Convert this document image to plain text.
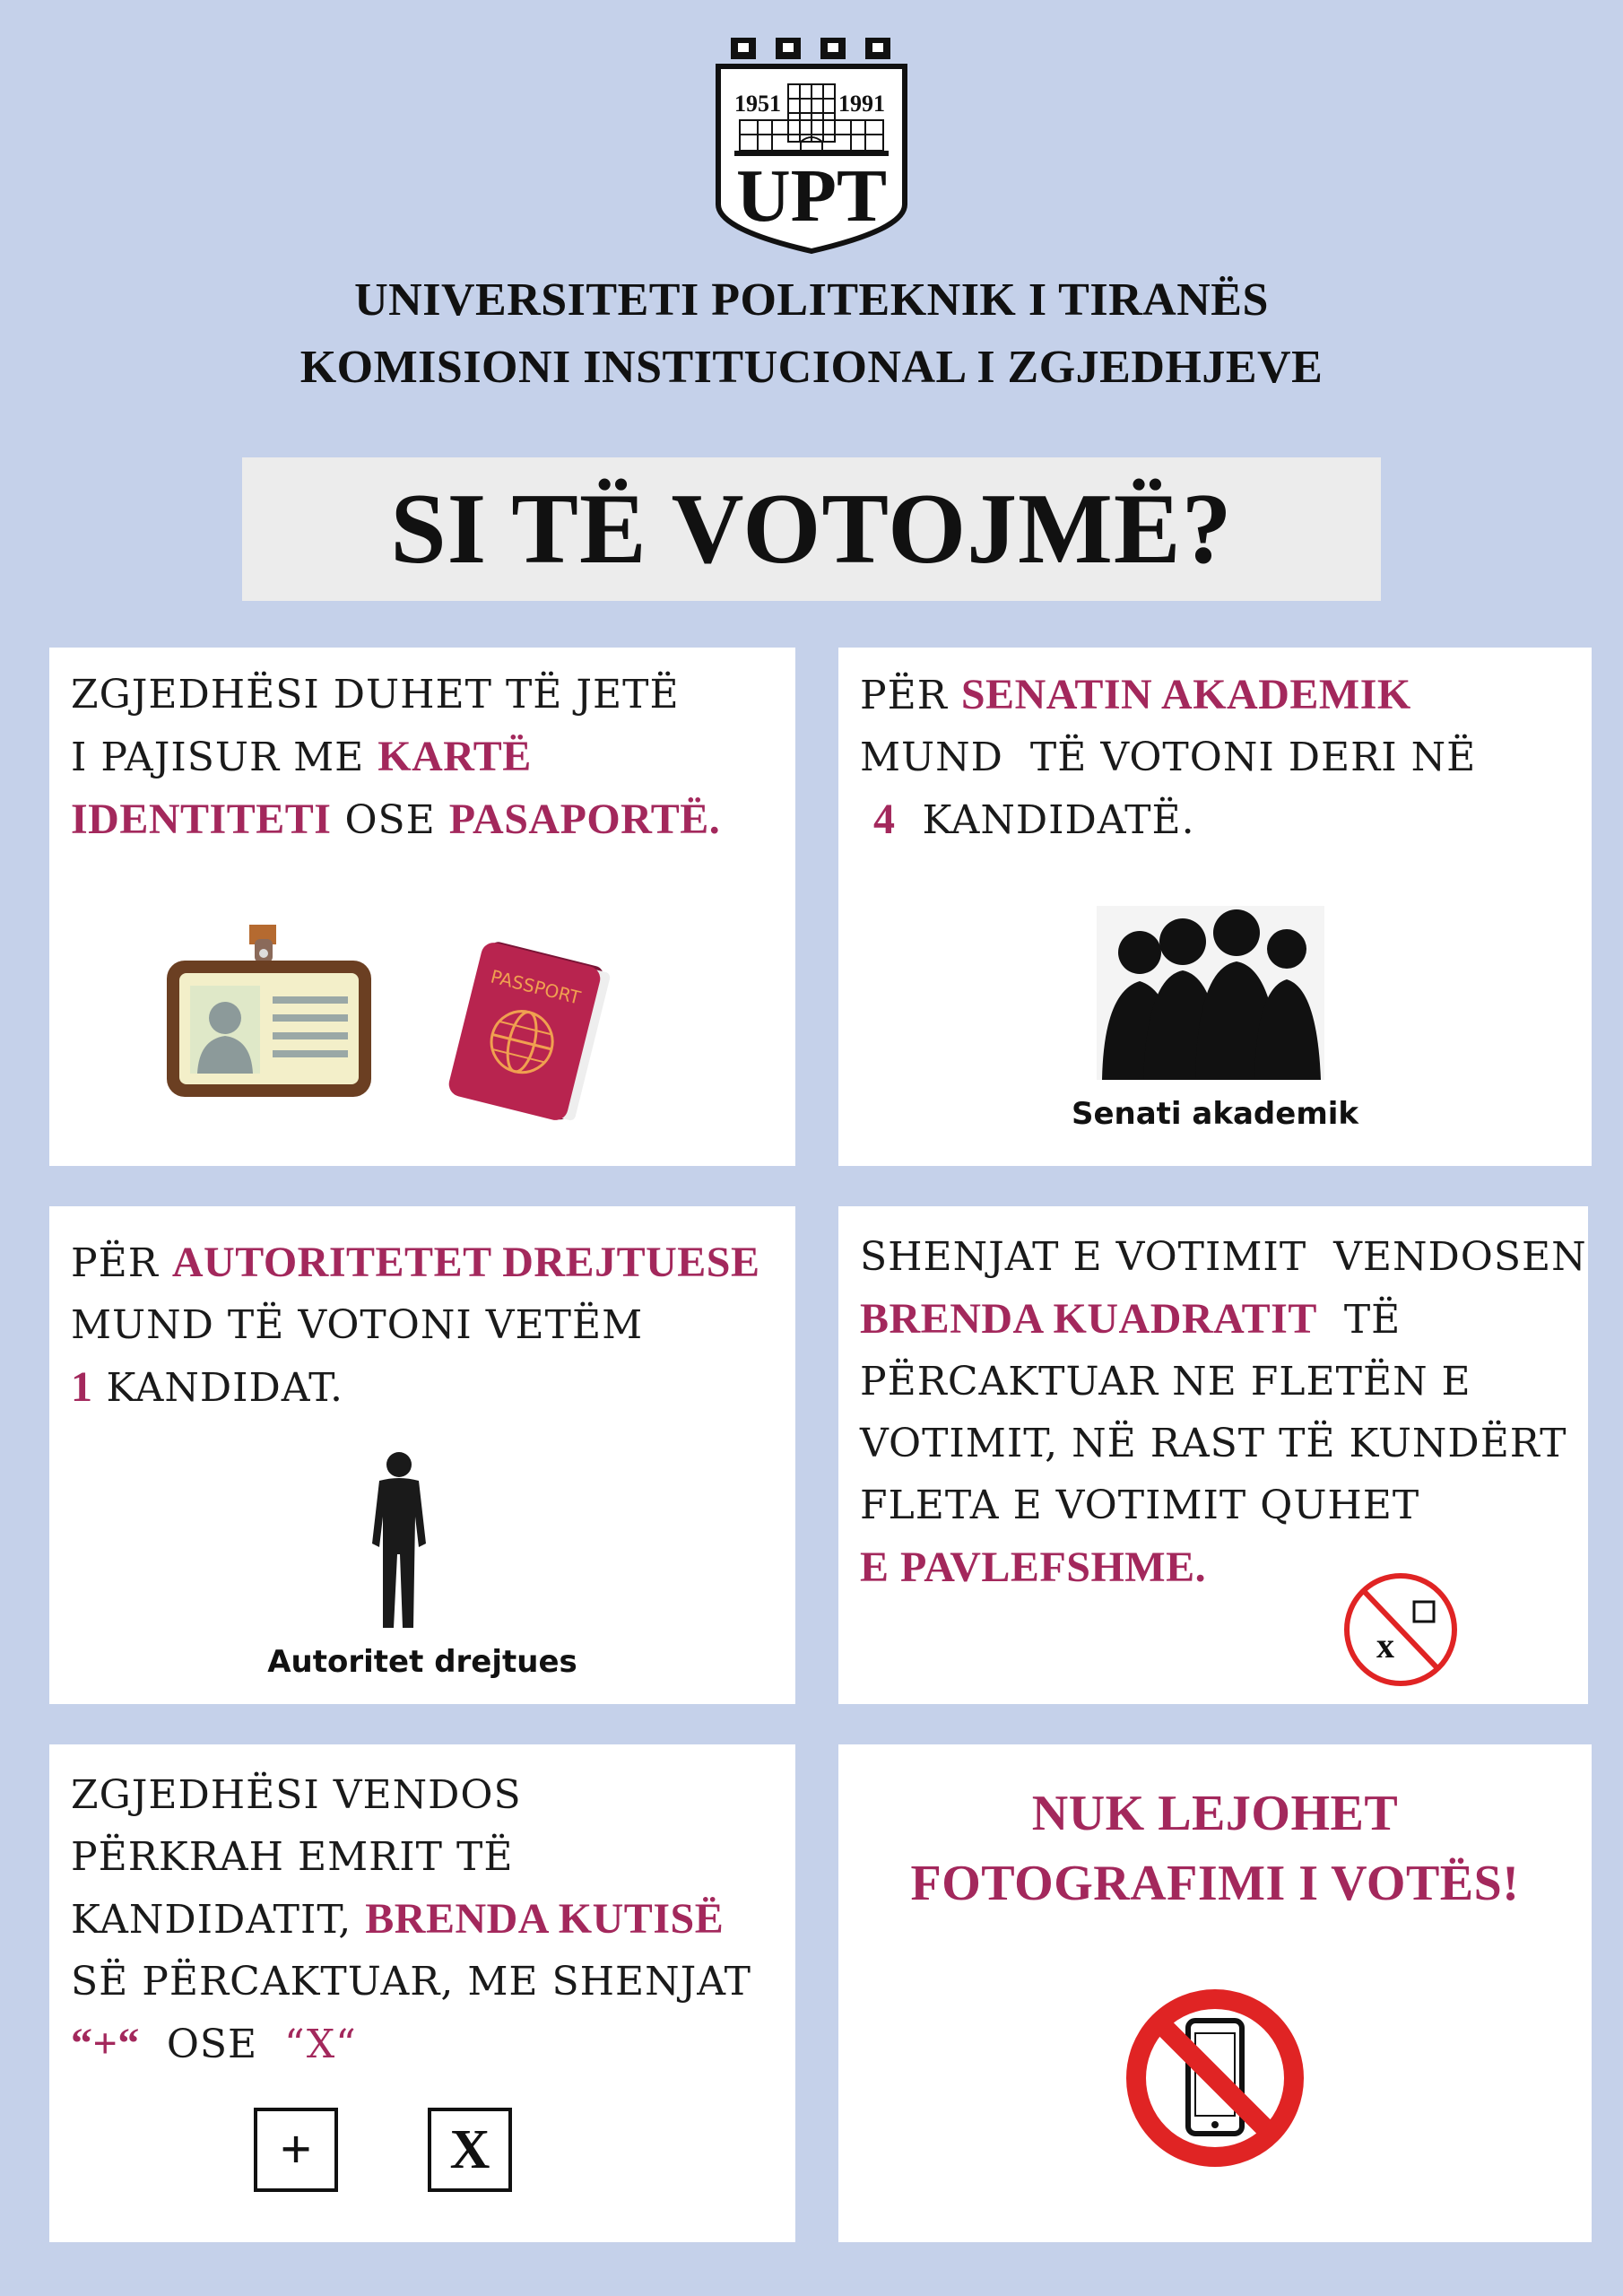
1951 1991
UPT
UNIVERSITETI POLITEKNIK I TIRANËS
KOMISIONI INSTITUCIONAL I ZGJEDHJEVE
SI TË VOTOJMË?
ZGJEDHËSI DUHET TË JETË
I PAJISUR ME KARTË
IDENTITETI OSE PASAPORTË.
PASSPORT
PËR SENATIN AKADEMIK
MUND  TË VOTONI DERI NË
4 KANDIDATË.
Senati akademik
PËR AUTORITETET DREJTUESE
MUND TË VOTONI VETËM
1 KANDIDAT.
Autoritet drejtues
SHENJAT E VOTIMIT  VENDOSEN
BRENDA KUADRATIT TË
PËRCAKTUAR NE FLETËN E
VOTIMIT, NË RAST TË KUNDËRT
FLETA E VOTIMIT QUHET
E PAVLEFSHME.
x
ZGJEDHËSI VENDOS
PËRKRAH EMRIT TË
KANDIDATIT, BRENDA KUTISË
SË PËRCAKTUAR, ME SHENJAT
“+“ OSE “X“
+	X
NUK LEJOHET
FOTOGRAFIMI I VOTËS!
